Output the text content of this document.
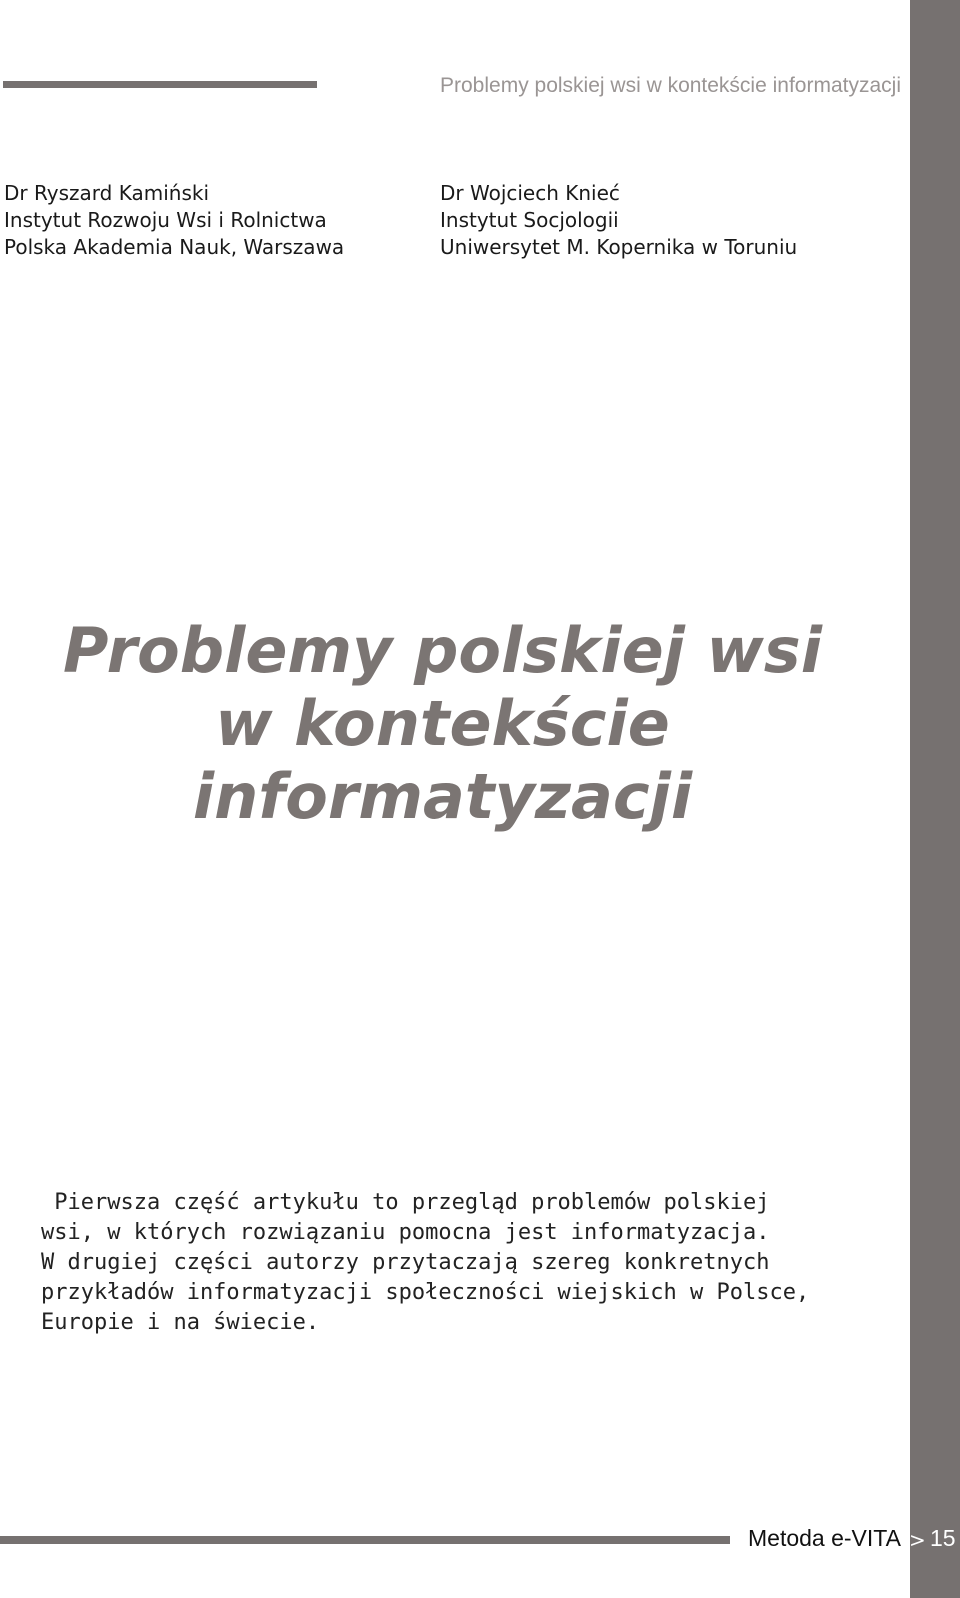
Problemy polskiej wsi w kontekście informatyzacji
Dr Ryszard Kamiński
Instytut Rozwoju Wsi i Rolnictwa
Polska Akademia Nauk, Warszawa
Dr Wojciech Knieć
Instytut Socjologii
Uniwersytet M. Kopernika w Toruniu
Problemy polskiej wsi
w kontekście
informatyzacji
Pierwsza część artykułu to przegląd problemów polskiej
wsi, w których rozwiązaniu pomocna jest informatyzacja.
W drugiej części autorzy przytaczają szereg konkretnych
przykładów informatyzacji społeczności wiejskich w Polsce,
Europie i na świecie.
Metoda e-VITA > 15
